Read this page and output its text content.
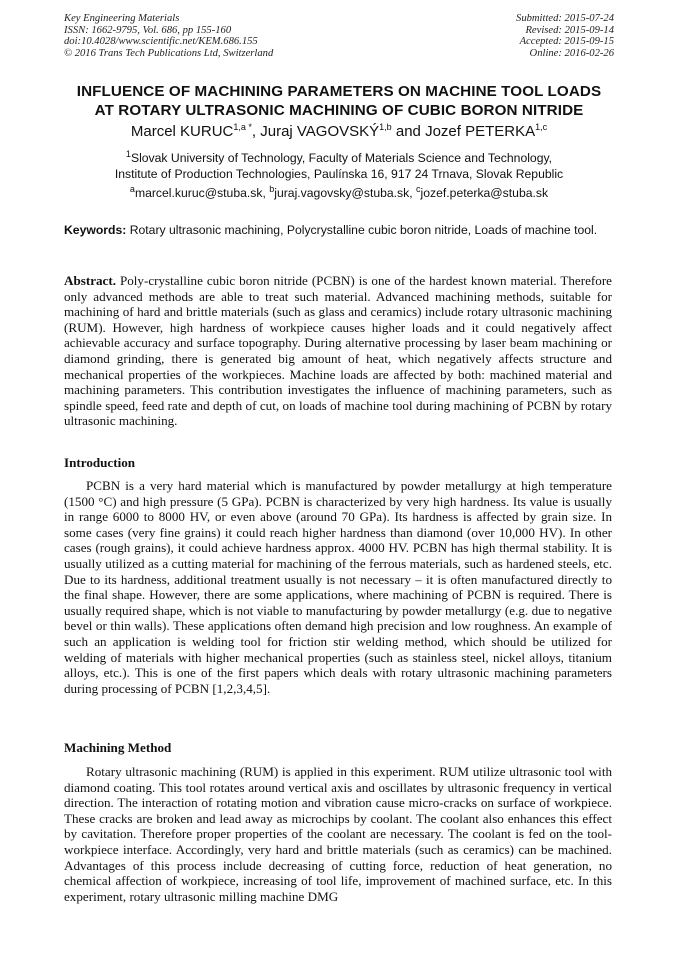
Key Engineering Materials
ISSN: 1662-9795, Vol. 686, pp 155-160
doi:10.4028/www.scientific.net/KEM.686.155
© 2016 Trans Tech Publications Ltd, Switzerland
Submitted: 2015-07-24
Revised: 2015-09-14
Accepted: 2015-09-15
Online: 2016-02-26
INFLUENCE OF MACHINING PARAMETERS ON MACHINE TOOL LOADS
AT ROTARY ULTRASONIC MACHINING OF CUBIC BORON NITRIDE
Marcel $KURUC^{1,a *}$, Juraj VAGOVSKÝ$^{1,b}$ and Jozef PETERKA$^{1,c}$
$^1$Slovak University of Technology, Faculty of Materials Science and Technology,
Institute of Production Technologies, Paulínska 16, 917 24 Trnava, Slovak Republic
$^a$marcel.kuruc@stuba.sk, $^b$juraj.vagovsky@stuba.sk, $^c$jozef.peterka@stuba.sk
Keywords: Rotary ultrasonic machining, Polycrystalline cubic boron nitride, Loads of machine tool.
Abstract. Poly-crystalline cubic boron nitride (PCBN) is one of the hardest known material. Therefore only advanced methods are able to treat such material. Advanced machining methods, suitable for machining of hard and brittle materials (such as glass and ceramics) include rotary ultrasonic machining (RUM). However, high hardness of workpiece causes higher loads and it could negatively affect achievable accuracy and surface topography. During alternative processing by laser beam machining or diamond grinding, there is generated big amount of heat, which negatively affects structure and mechanical properties of the workpieces. Machine loads are affected by both: machined material and machining parameters. This contribution investigates the influence of machining parameters, such as spindle speed, feed rate and depth of cut, on loads of machine tool during machining of PCBN by rotary ultrasonic machining.
Introduction
PCBN is a very hard material which is manufactured by powder metallurgy at high temperature (1500 °C) and high pressure (5 GPa). PCBN is characterized by very high hardness. Its value is usually in range 6000 to 8000 HV, or even above (around 70 GPa). Its hardness is affected by grain size. In some cases (very fine grains) it could reach higher hardness than diamond (over 10,000 HV). In other cases (rough grains), it could achieve hardness approx. 4000 HV. PCBN has high thermal stability. It is usually utilized as a cutting material for machining of the ferrous materials, such as hardened steels, etc. Due to its hardness, additional treatment usually is not necessary – it is often manufactured directly to the final shape. However, there are some applications, where machining of PCBN is required. There is usually required shape, which is not viable to manufacturing by powder metallurgy (e.g. due to negative bevel or thin walls). These applications often demand high precision and low roughness. An example of such an application is welding tool for friction stir welding method, which should be utilized for welding of materials with higher mechanical properties (such as stainless steel, nickel alloys, titanium alloys, etc.). This is one of the first papers which deals with rotary ultrasonic machining parameters during processing of PCBN [1,2,3,4,5].
Machining Method
Rotary ultrasonic machining (RUM) is applied in this experiment. RUM utilize ultrasonic tool with diamond coating. This tool rotates around vertical axis and oscillates by ultrasonic frequency in vertical direction. The interaction of rotating motion and vibration cause micro-cracks on surface of workpiece. These cracks are broken and lead away as microchips by coolant. The coolant also enhances this effect by cavitation. Therefore proper properties of the coolant are necessary. The coolant is fed on the tool-workpiece interface. Accordingly, very hard and brittle materials (such as ceramics) can be machined. Advantages of this process include decreasing of cutting force, reduction of heat generation, no chemical affection of workpiece, increasing of tool life, improvement of machined surface, etc. In this experiment, rotary ultrasonic milling machine DMG
